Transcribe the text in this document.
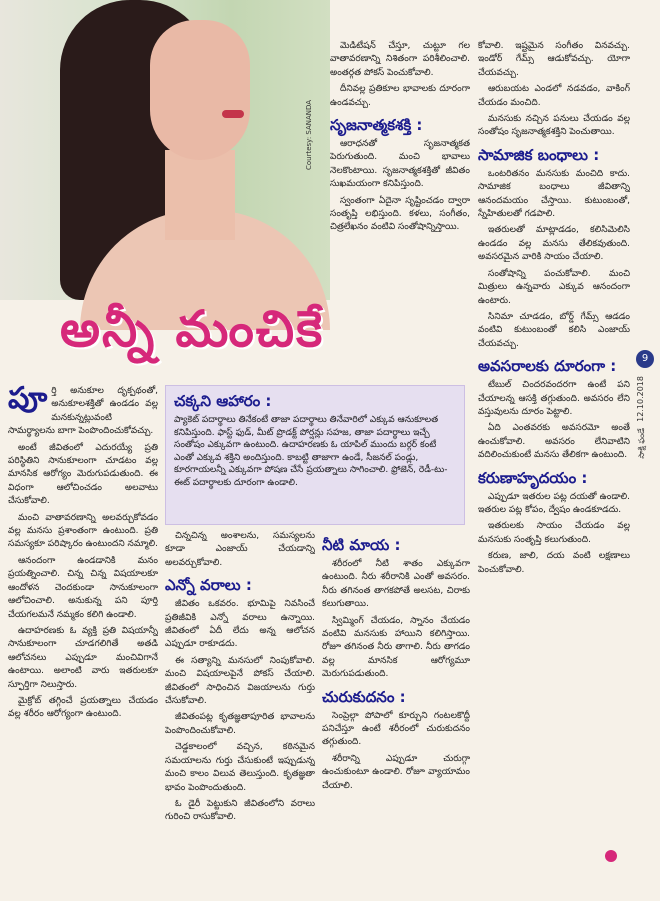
Courtesy: SANANDA
అన్నీ మంచికే
పూ ర్తి అనుకూల దృక్పథంతో, అనుకూలశక్తితో ఉండడం వల్ల మనకున్నట్లువంటి సామర్థ్యాలను బాగా పెంపొందించుకోవచ్చు.

అంటే జీవితంలో ఎదురయ్యే ప్రతి పరిస్థితిని సానుకూలంగా చూడటం వల్ల మానసిక ఆరోగ్యం మెరుగుపడుతుంది. ఈ విధంగా ఆలోచించడం అలవాటు చేసుకోవాలి.

మంచి వాతావరణాన్ని అలవర్చుకోవడం వల్ల మనసు ప్రశాంతంగా ఉంటుంది. ప్రతి సమస్యకూ పరిష్కారం ఉంటుందని నమ్మాలి.

ఆనందంగా ఉండడానికి మనం ప్రయత్నించాలి. చిన్న చిన్న విషయాలకూ ఆందోళన చెందకుండా సానుకూలంగా ఆలోచించాలి. అనుకున్న పని పూర్తి చేయగలమనే నమ్మకం కలిగి ఉండాలి.

ఉదాహరణకు ఓ వ్యక్తి ప్రతి విషయాన్నీ సానుకూలంగా చూడగలిగితే అతడి ఆలోచనలు ఎప్పుడూ మంచివిగానే ఉంటాయి. అలాంటి వారు ఇతరులకూ స్ఫూర్తిగా నిలుస్తారు.

మైక్రోబ్ తగ్గించే ప్రయత్నాలు చేయడం వల్ల శరీరం ఆరోగ్యంగా ఉంటుంది.

చక్కని ఆహారం :
ప్యాకెట్ పదార్థాలు తినేకంటే తాజా పదార్థాలు తినేవారిలో ఎక్కువ ఆనుకూలత కనిపిస్తుంది. ఫాస్ట్ ఫుడ్, మీట్ ప్రొడక్ట్ పోర్షన్లు సహజ, తాజా పదార్థాలు ఇచ్చే సంతోషం ఎక్కువగా ఉంటుంది. ఉదాహరణకు ఓ యాపిల్ ముందు బర్గర్ కంటే ఎంతో ఎక్కువ శక్తిని అందిస్తుంది. కాబట్టి తాజాగా ఉండే, సీజనల్ పండ్లు, కూరగాయలన్నీ ఎక్కువగా పోషణ చేసే ప్రయత్నాలు సాగించాలి. ఫ్రోజెన్, రెడీ-టు-ఈట్ పదార్థాలకు దూరంగా ఉండాలి.

చిన్నచిన్న అంశాలను, సమస్యలను కూడా ఎంజాయ్ చేయడాన్ని అలవర్చుకోవాలి.

ఎన్నో వరాలు :

జీవితం ఒకవరం. భూమిపై నివసించే ప్రతిజీవికి ఎన్నో వరాలు ఉన్నాయి. జీవితంలో ఏదీ లేదు అన్న ఆలోచన ఎప్పుడూ రాకూడదు.

ఈ సత్యాన్ని మనసులో నింపుకోవాలి. మంచి విషయాలపైనే పోకస్ చేయాలి. జీవితంలో సాధించిన విజయాలను గుర్తు చేసుకోవాలి.

జీవితంపట్ల కృతజ్ఞతాపూరిత భావాలను పెంపొందించుకోవాలి.

చెడ్డకాలంలో వచ్చిన, కఠినమైన సమయాలను గుర్తు చేసుకుంటే ఇప్పుడున్న మంచి కాలం విలువ తెలుస్తుంది. కృతజ్ఞతా భావం పెంపొందుతుంది.

ఓ డైరీ పెట్టుకుని జీవితంలోని వరాలు గురించి రాసుకోవాలి.

మెడిటేషన్ చేస్తూ, చుట్టూ గల వాతావరణాన్ని నిశితంగా పరిశీలించాలి. అంతర్గత పోకస్ పెంచుకోవాలి.

దీనివల్ల ప్రతికూల భావాలకు దూరంగా ఉండవచ్చు.

సృజనాత్మకశక్తి :

ఆరాధనతో సృజనాత్మకత పెరుగుతుంది. మంచి భావాలు నెలకొంటాయి. సృజనాత్మకశక్తితో జీవితం సుఖమయంగా కనిపిస్తుంది.

స్వంతంగా ఏదైనా సృష్టించడం ద్వారా సంతృప్తి లభిస్తుంది. కళలు, సంగీతం, చిత్రలేఖనం వంటివి సంతోషాన్నిస్తాయి.

నీటి మాయ :

శరీరంలో నీటి శాతం ఎక్కువగా ఉంటుంది. నీరు శరీరానికి ఎంతో అవసరం. నీరు తగినంత తాగకపోతే అలసట, చిరాకు కలుగుతాయి.

స్విమ్మింగ్ చేయడం, స్నానం చేయడం వంటివి మనసుకు హాయిని కలిగిస్తాయి. రోజూ తగినంత నీరు తాగాలి. నీరు తాగడం వల్ల మానసిక ఆరోగ్యమూ మెరుగుపడుతుంది.

చురుకుదనం :

సెంప్రెల్గా పోపాలో కూర్చుని గంటలకొద్దీ పనిచేస్తూ ఉంటే శరీరంలో చురుకుదనం తగ్గుతుంది.

శరీరాన్ని ఎప్పుడూ చురుగ్గా ఉంచుకుంటూ ఉండాలి. రోజూ వ్యాయామం చేయాలి.

కోవాలి. ఇష్టమైన సంగీతం వినవచ్చు. ఇండోర్ గేమ్స్ ఆడుకోవచ్చు. యోగా చేయవచ్చు.

ఆరుబయట ఎండలో నడవడం, వాకింగ్ చేయడం మంచిది.

మనసుకు నచ్చిన పనులు చేయడం వల్ల సంతోషం సృజనాత్మకశక్తిని పెంచుతాయి.

సామాజిక బంధాలు :

ఒంటరితనం మనసుకు మంచిది కాదు. సామాజిక బంధాలు జీవితాన్ని ఆనందమయం చేస్తాయి. కుటుంబంతో, స్నేహితులతో గడపాలి.

ఇతరులతో మాట్లాడడం, కలిసిమెలిసి ఉండడం వల్ల మనసు తేలికవుతుంది. అవసరమైన వారికి సాయం చేయాలి.

సంతోషాన్ని పంచుకోవాలి. మంచి మిత్రులు ఉన్నవారు ఎక్కువ ఆనందంగా ఉంటారు.

సినిమా చూడడం, బోర్డ్ గేమ్స్ ఆడడం వంటివి కుటుంబంతో కలిసి ఎంజాయ్ చేయవచ్చు.

అవసరాలకు దూరంగా :

టేబుల్ చిందరవందరగా ఉంటే పని చేయాలన్న ఆసక్తి తగ్గుతుంది. అవసరం లేని వస్తువులను దూరం పెట్టాలి.

ఏది ఎంతవరకు అవసరమో అంతే ఉంచుకోవాలి. అవసరం లేనివాటిని వదిలించుకుంటే మనసు తేలికగా ఉంటుంది.

కరుణాహృదయం :

ఎప్పుడూ ఇతరుల పట్ల దయతో ఉండాలి. ఇతరుల పట్ల కోపం, ద్వేషం ఉండకూడదు.

ఇతరులకు సాయం చేయడం వల్ల మనసుకు సంతృప్తి కలుగుతుంది.

కరుణ, జాలి, దయ వంటి లక్షణాలు పెంచుకోవాలి.

9
12.10.2018
సాక్షి ఫండే
